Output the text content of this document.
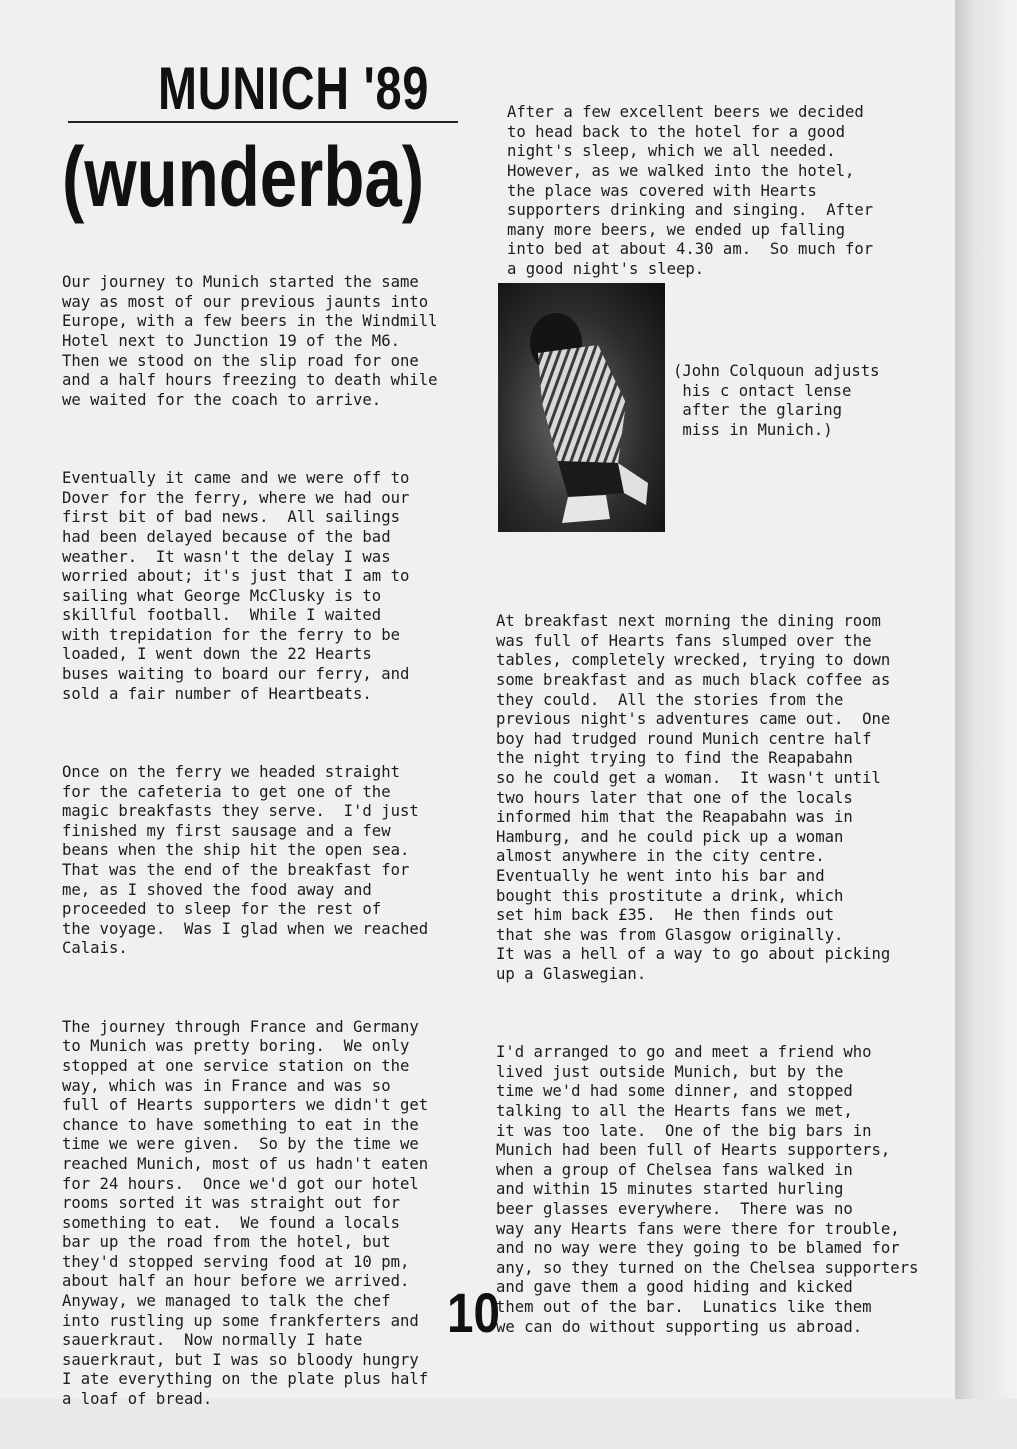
MUNICH '89
(wunderba)

Our journey to Munich started the same
way as most of our previous jaunts into
Europe, with a few beers in the Windmill
Hotel next to Junction 19 of the M6.
Then we stood on the slip road for one
and a half hours freezing to death while
we waited for the coach to arrive.

Eventually it came and we were off to
Dover for the ferry, where we had our
first bit of bad news.  All sailings
had been delayed because of the bad
weather.  It wasn't the delay I was
worried about; it's just that I am to
sailing what George McClusky is to
skillful football.  While I waited
with trepidation for the ferry to be
loaded, I went down the 22 Hearts
buses waiting to board our ferry, and
sold a fair number of Heartbeats.

Once on the ferry we headed straight
for the cafeteria to get one of the
magic breakfasts they serve.  I'd just
finished my first sausage and a few
beans when the ship hit the open sea.
That was the end of the breakfast for
me, as I shoved the food away and
proceeded to sleep for the rest of
the voyage.  Was I glad when we reached
Calais.

The journey through France and Germany
to Munich was pretty boring.  We only
stopped at one service station on the
way, which was in France and was so
full of Hearts supporters we didn't get
chance to have something to eat in the
time we were given.  So by the time we
reached Munich, most of us hadn't eaten
for 24 hours.  Once we'd got our hotel
rooms sorted it was straight out for
something to eat.  We found a locals
bar up the road from the hotel, but
they'd stopped serving food at 10 pm,
about half an hour before we arrived.
Anyway, we managed to talk the chef
into rustling up some frankferters and
sauerkraut.  Now normally I hate
sauerkraut, but I was so bloody hungry
I ate everything on the plate plus half
a loaf of bread.

After a few excellent beers we decided
to head back to the hotel for a good
night's sleep, which we all needed.
However, as we walked into the hotel,
the place was covered with Hearts
supporters drinking and singing.  After
many more beers, we ended up falling
into bed at about 4.30 am.  So much for
a good night's sleep.

(John Colquoun adjusts
his c ontact lense
after the glaring
miss in Munich.)

At breakfast next morning the dining room
was full of Hearts fans slumped over the
tables, completely wrecked, trying to down
some breakfast and as much black coffee as
they could.  All the stories from the
previous night's adventures came out.  One
boy had trudged round Munich centre half
the night trying to find the Reapabahn
so he could get a woman.  It wasn't until
two hours later that one of the locals
informed him that the Reapabahn was in
Hamburg, and he could pick up a woman
almost anywhere in the city centre.
Eventually he went into his bar and
bought this prostitute a drink, which
set him back £35.  He then finds out
that she was from Glasgow originally.
It was a hell of a way to go about picking
up a Glaswegian.

I'd arranged to go and meet a friend who
lived just outside Munich, but by the
time we'd had some dinner, and stopped
talking to all the Hearts fans we met,
it was too late.  One of the big bars in
Munich had been full of Hearts supporters,
when a group of Chelsea fans walked in
and within 15 minutes started hurling
beer glasses everywhere.  There was no
way any Hearts fans were there for trouble,
and no way were they going to be blamed for
any, so they turned on the Chelsea supporters
and gave them a good hiding and kicked
them out of the bar.  Lunatics like them
we can do without supporting us abroad.

10
